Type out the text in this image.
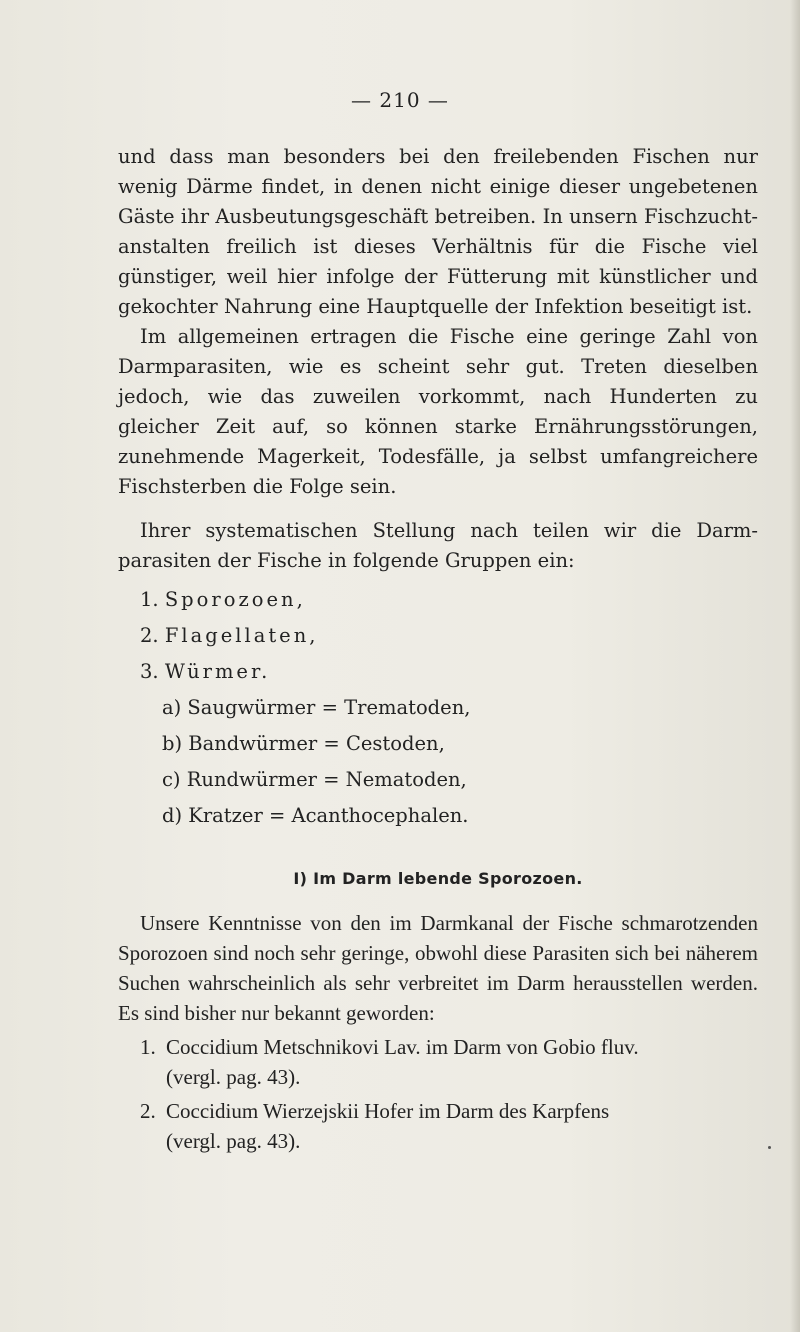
— 210 —

und dass man besonders bei den freilebenden Fischen nur wenig Därme findet, in denen nicht einige dieser ungebetenen Gäste ihr Ausbeutungsgeschäft betreiben. In unsern Fischzucht-anstalten freilich ist dieses Verhältnis für die Fische viel günstiger, weil hier infolge der Fütterung mit künstlicher und gekochter Nahrung eine Hauptquelle der Infektion beseitigt ist.

Im allgemeinen ertragen die Fische eine geringe Zahl von Darmparasiten, wie es scheint sehr gut. Treten dieselben jedoch, wie das zuweilen vorkommt, nach Hunderten zu gleicher Zeit auf, so können starke Ernährungsstörungen, zunehmende Magerkeit, Todesfälle, ja selbst umfangreichere Fischsterben die Folge sein.

Ihrer systematischen Stellung nach teilen wir die Darm-parasiten der Fische in folgende Gruppen ein:

1. Sporozoen,
2. Flagellaten,
3. Würmer.
a) Saugwürmer = Trematoden,
b) Bandwürmer = Cestoden,
c) Rundwürmer = Nematoden,
d) Kratzer = Acanthocephalen.
I) Im Darm lebende Sporozoen.

Unsere Kenntnisse von den im Darmkanal der Fische schmarotzenden Sporozoen sind noch sehr geringe, obwohl diese Parasiten sich bei näherem Suchen wahrscheinlich als sehr verbreitet im Darm herausstellen werden. Es sind bisher nur bekannt geworden:

1. Coccidium Metschnikovi Lav. im Darm von Gobio fluv.
(vergl. pag. 43).
2. Coccidium Wierzejskii Hofer im Darm des Karpfens
(vergl. pag. 43).
